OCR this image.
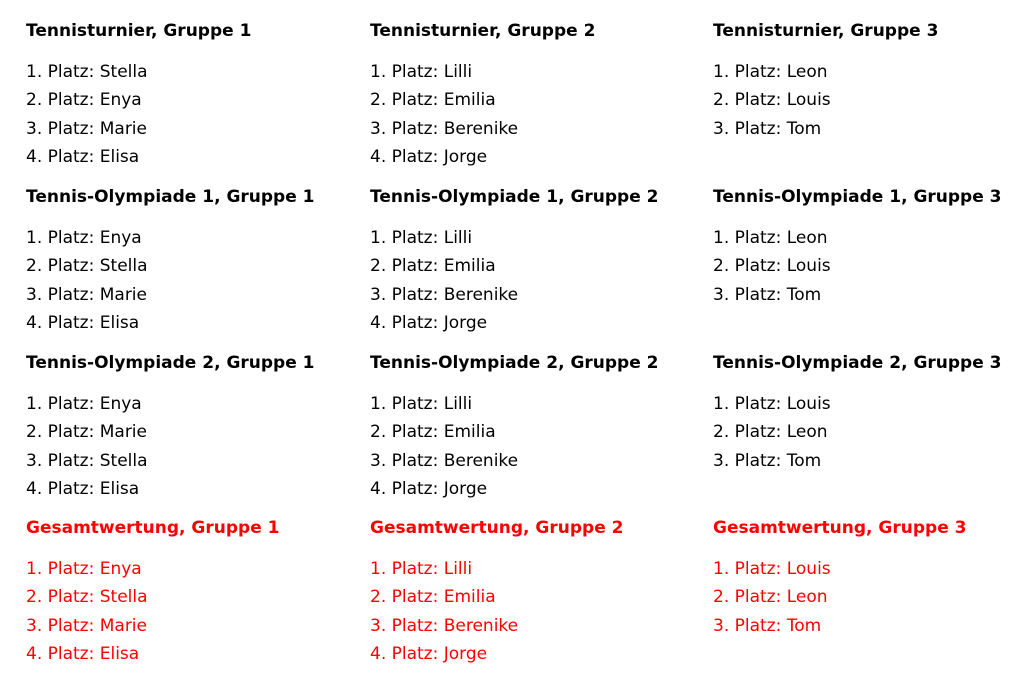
Tennisturnier, Gruppe 1
1. Platz: Stella
2. Platz: Enya
3. Platz: Marie
4. Platz: Elisa
Tennisturnier, Gruppe 2
1. Platz: Lilli
2. Platz: Emilia
3. Platz: Berenike
4. Platz: Jorge
Tennisturnier, Gruppe 3
1. Platz: Leon
2. Platz: Louis
3. Platz: Tom
Tennis-Olympiade 1, Gruppe 1
1. Platz: Enya
2. Platz: Stella
3. Platz: Marie
4. Platz: Elisa
Tennis-Olympiade 1, Gruppe 2
1. Platz: Lilli
2. Platz: Emilia
3. Platz: Berenike
4. Platz: Jorge
Tennis-Olympiade 1, Gruppe 3
1. Platz: Leon
2. Platz: Louis
3. Platz: Tom
Tennis-Olympiade 2, Gruppe 1
1. Platz: Enya
2. Platz: Marie
3. Platz: Stella
4. Platz: Elisa
Tennis-Olympiade 2, Gruppe 2
1. Platz: Lilli
2. Platz: Emilia
3. Platz: Berenike
4. Platz: Jorge
Tennis-Olympiade 2, Gruppe 3
1. Platz: Louis
2. Platz: Leon
3. Platz: Tom
Gesamtwertung, Gruppe 1
1. Platz: Enya
2. Platz: Stella
3. Platz: Marie
4. Platz: Elisa
Gesamtwertung, Gruppe 2
1. Platz: Lilli
2. Platz: Emilia
3. Platz: Berenike
4. Platz: Jorge
Gesamtwertung, Gruppe 3
1. Platz: Louis
2. Platz: Leon
3. Platz: Tom
